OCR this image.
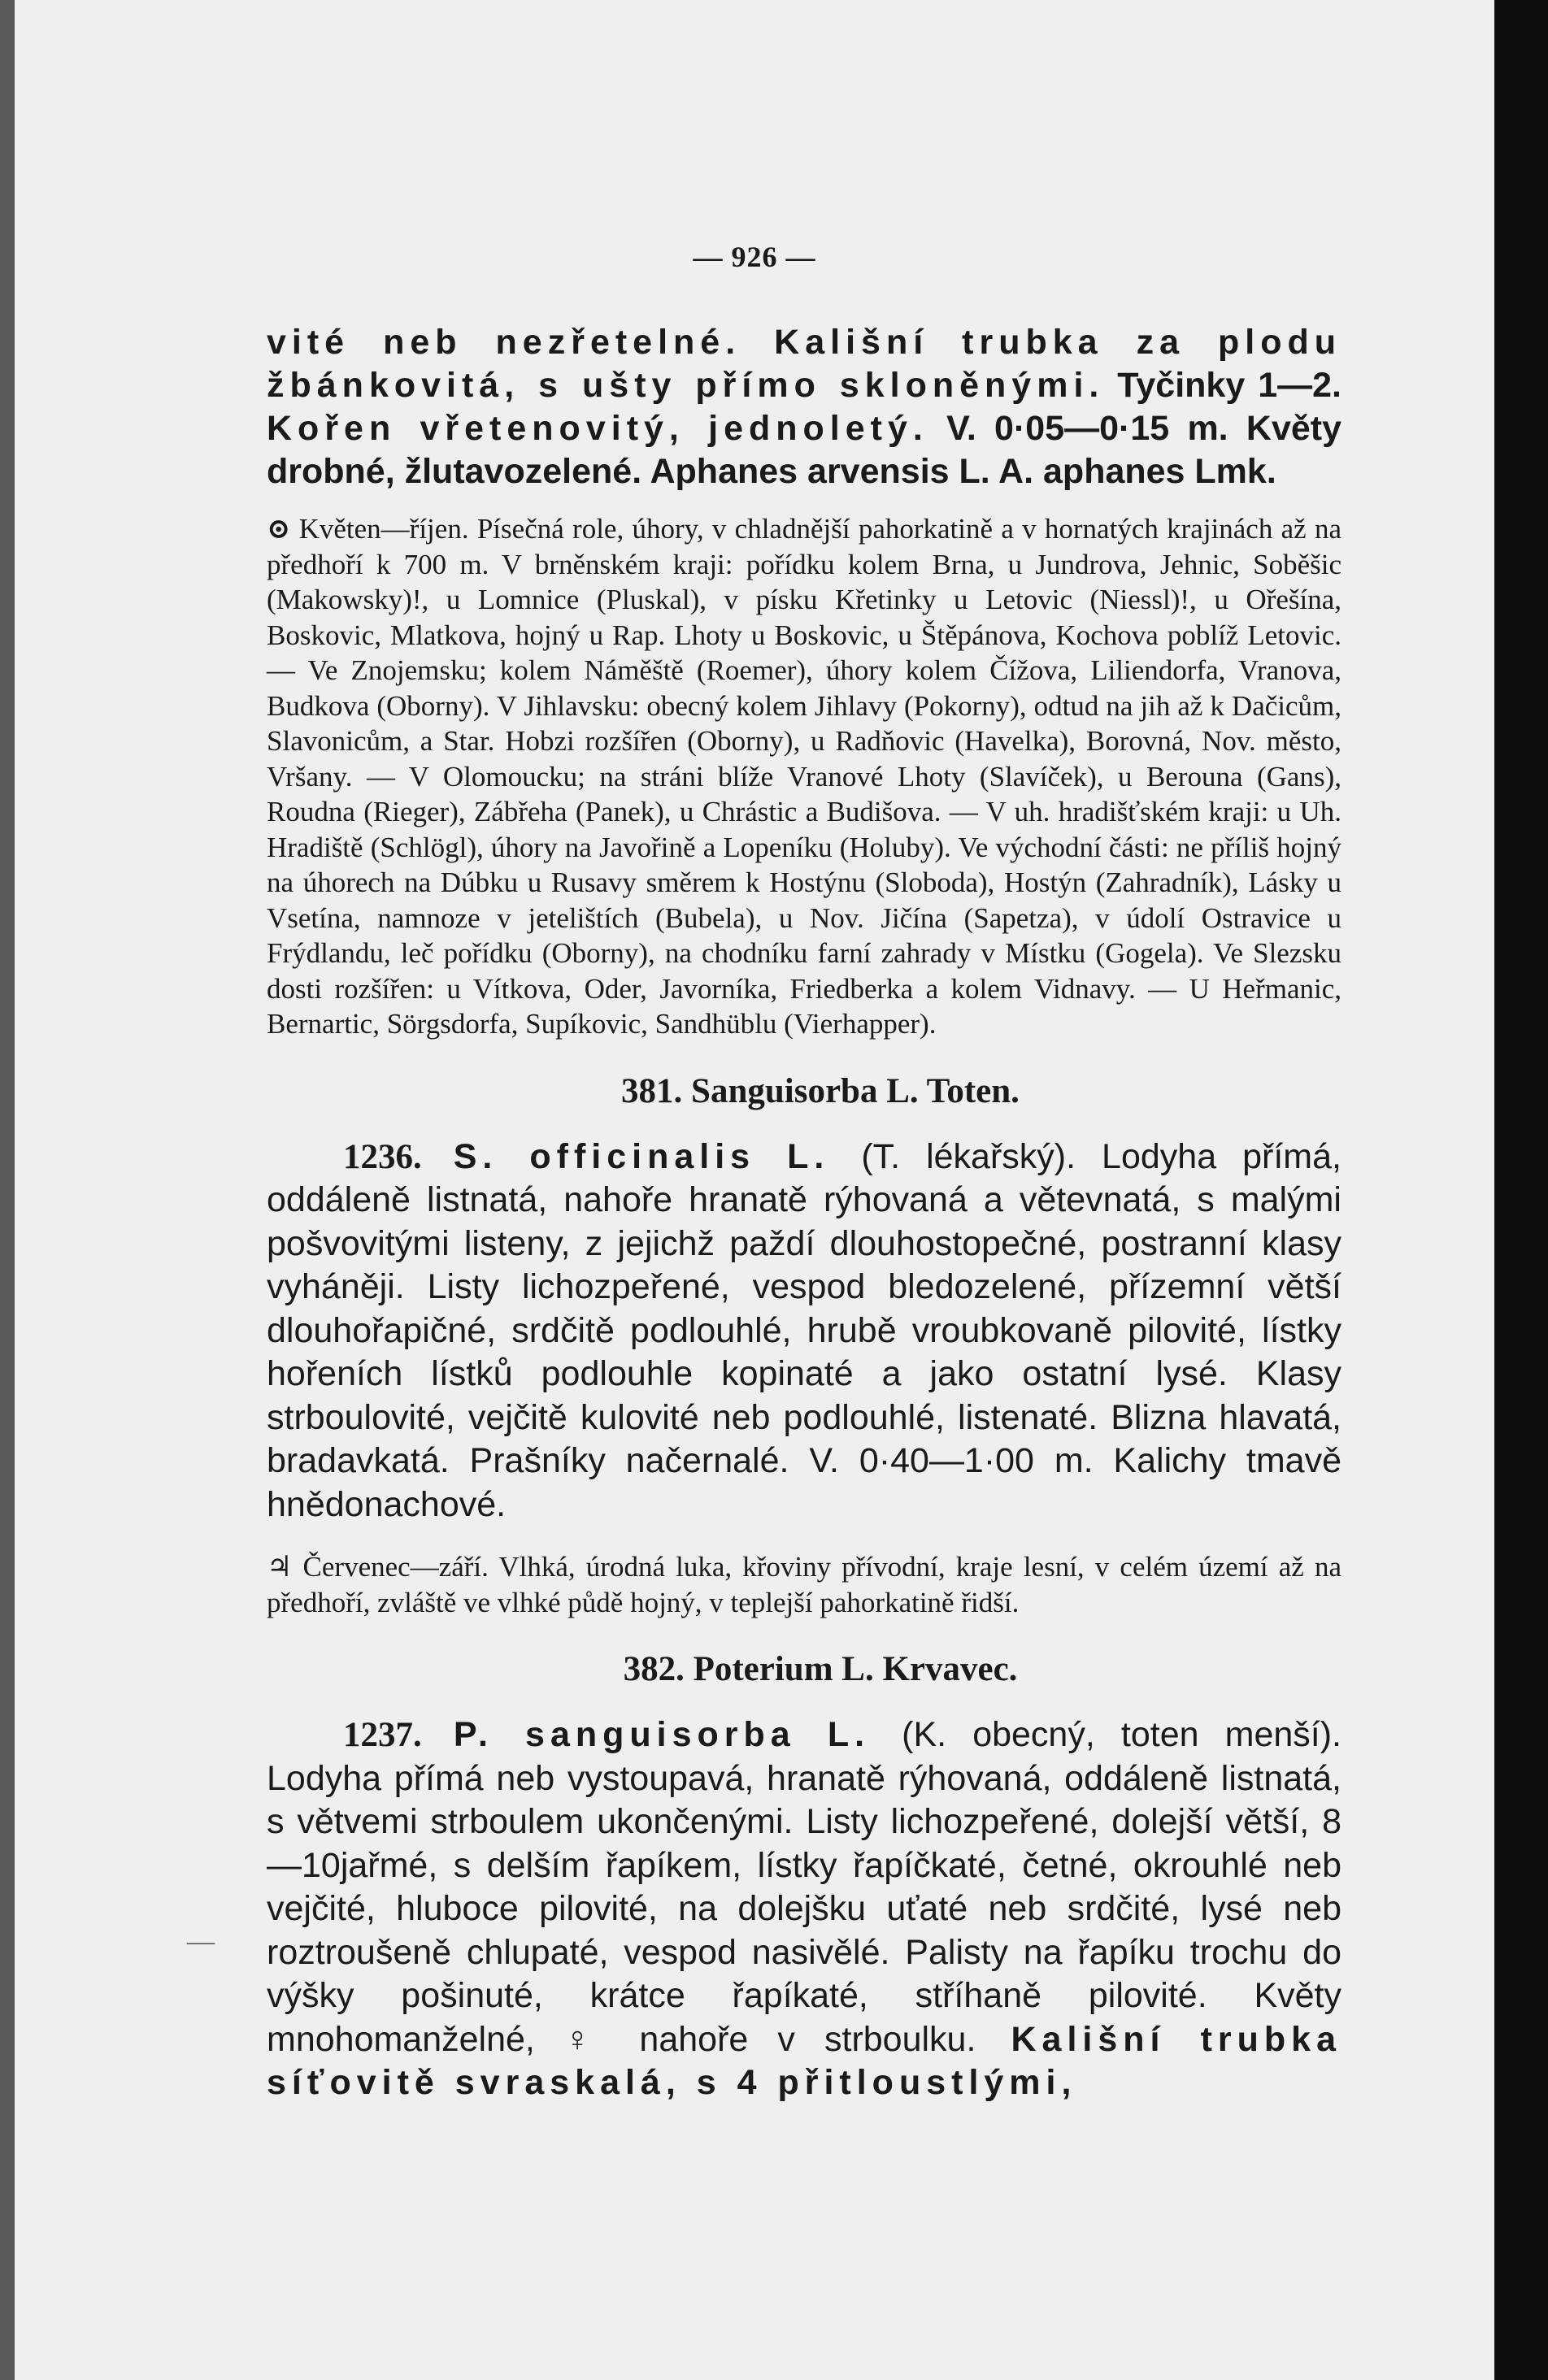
— 926 —

vité neb nezřetelné. Kališní trubka za plodu žbánkovitá, s ušty přímo skloněnými. Tyčinky 1—2. Kořen vřetenovitý, jednoletý. V. 0·05—0·15 m. Květy drobné, žlutavozelené. Aphanes arvensis L. A. aphanes Lmk.

⊙ Květen—říjen. Písečná role, úhory, v chladnější pahorkatině a v hornatých krajinách až na předhoří k 700 m. V brněnském kraji: pořídku kolem Brna, u Jundrova, Jehnic, Soběšic (Makowsky)!, u Lomnice (Pluskal), v písku Křetinky u Letovic (Niessl)!, u Ořešína, Boskovic, Mlatkova, hojný u Rap. Lhoty u Boskovic, u Štěpánova, Kochova poblíž Letovic. — Ve Znojemsku; kolem Náměště (Roemer), úhory kolem Čížova, Liliendorfa, Vranova, Budkova (Oborny). V Jihlavsku: obecný kolem Jihlavy (Pokorny), odtud na jih až k Dačicům, Slavonicům, a Star. Hobzi rozšířen (Oborny), u Radňovic (Havelka), Borovná, Nov. město, Vršany. — V Olomoucku; na stráni blíže Vranové Lhoty (Slavíček), u Berouna (Gans), Roudna (Rieger), Zábřeha (Panek), u Chrástic a Budišova. — V uh. hradišťském kraji: u Uh. Hradiště (Schlögl), úhory na Javořině a Lopeníku (Holuby). Ve východní části: ne příliš hojný na úhorech na Dúbku u Rusavy směrem k Hostýnu (Sloboda), Hostýn (Zahradník), Lásky u Vsetína, namnoze v jetelištích (Bubela), u Nov. Jičína (Sapetza), v údolí Ostravice u Frýdlandu, leč pořídku (Oborny), na chodníku farní zahrady v Místku (Gogela). Ve Slezsku dosti rozšířen: u Vítkova, Oder, Javorníka, Friedberka a kolem Vidnavy. — U Heřmanic, Bernartic, Sörgsdorfa, Supíkovic, Sandhüblu (Vierhapper).

381. Sanguisorba L. Toten.

1236. S. officinalis L. (T. lékařský). Lodyha přímá, oddáleně listnatá, nahoře hranatě rýhovaná a větevnatá, s malými pošvovitými listeny, z jejichž paždí dlouhostopečné, postranní klasy vyháněji. Listy lichozpeřené, vespod bledozelené, přízemní větší dlouhořapičné, srdčitě podlouhlé, hrubě vroubkovaně pilovité, lístky hořeních lístků podlouhle kopinaté a jako ostatní lysé. Klasy strboulovité, vejčitě kulovité neb podlouhlé, listenaté. Blizna hlavatá, bradavkatá. Prašníky načernalé. V. 0·40—1·00 m. Kalichy tmavě hnědonachové.

♃ Červenec—září. Vlhká, úrodná luka, křoviny přívodní, kraje lesní, v celém území až na předhoří, zvláště ve vlhké půdě hojný, v teplejší pahorkatině řidší.

382. Poterium L. Krvavec.

1237. P. sanguisorba L. (K. obecný, toten menší). Lodyha přímá neb vystoupavá, hranatě rýhovaná, oddáleně listnatá, s větvemi strboulem ukončenými. Listy lichozpeřené, dolejší větší, 8—10jařmé, s delším řapíkem, lístky řapíčkaté, četné, okrouhlé neb vejčité, hluboce pilovité, na dolejšku uťaté neb srdčité, lysé neb roztroušeně chlupaté, vespod nasivělé. Palisty na řapíku trochu do výšky pošinuté, krátce řapíkaté, stříhaně pilovité. Květy mnohomanželné, ♀ nahoře v strboulku. Kališní trubka síťovitě svraskalá, s 4 přitloustlými,

—
